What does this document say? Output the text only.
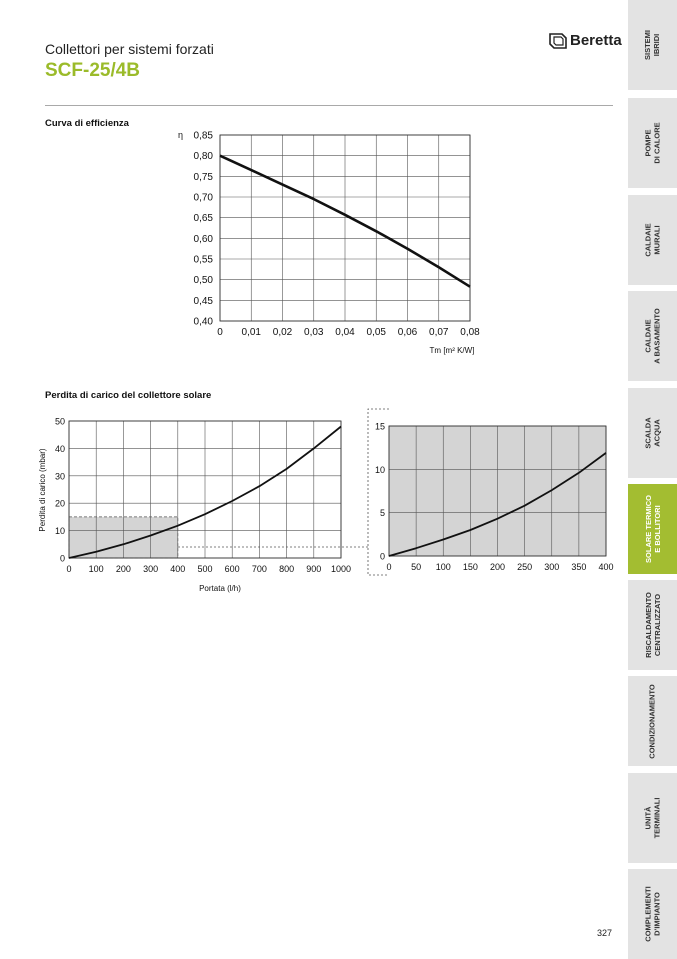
Collettori per sistemi forzati
SCF-25/4B
Beretta
Curva di efficienza
Perdita di carico del collettore solare
0 0,01 0,02 0,03 0,04 0,05 0,06 0,07 0,08
0,85
0,80
0,75
0,70
0,65
0,60
0,55
0,50
0,45
0,40
Tm [m² K/W]
η
0 100 200 300 400 500 600 700 800 900 1000
50
40
30
20
10
0
Portata (l/h)
Perdita di carico (mbar)
0 50 100 150 200 250 300 350 400
15
10
5
0
SISTEMI
IBRIDI
POMPE
DI CALORE
CALDAIE
MURALI
CALDAIE
A BASAMENTO
SCALDA
ACQUA
SOLARE TERMICO
E BOLLITORI
RISCALDAMENTO
CENTRALIZZATO
CONDIZIONAMENTO
UNITÀ
TERMINALI
COMPLEMENTI
D'IMPIANTO
327
